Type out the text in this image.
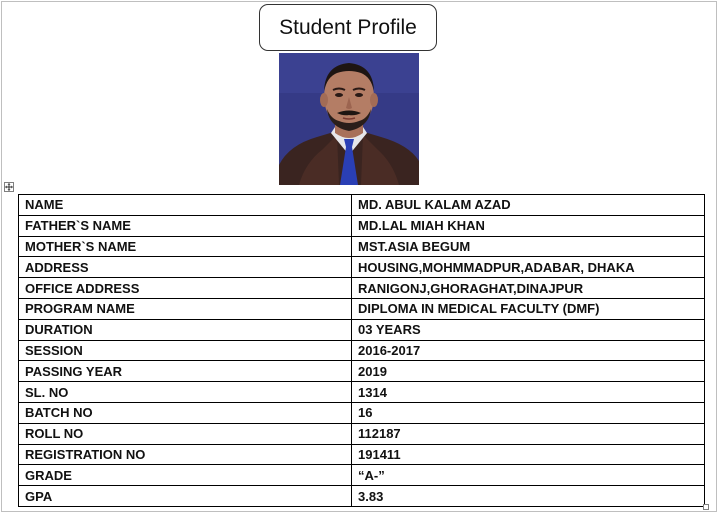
Student Profile
NAME	MD. ABUL KALAM AZAD
FATHER`S NAME	MD.LAL MIAH KHAN
MOTHER`S NAME	MST.ASIA BEGUM
ADDRESS	HOUSING,MOHMMADPUR,ADABAR, DHAKA
OFFICE ADDRESS	RANIGONJ,GHORAGHAT,DINAJPUR
PROGRAM NAME	DIPLOMA IN MEDICAL FACULTY (DMF)
DURATION	03 YEARS
SESSION	2016-2017
PASSING YEAR	2019
SL. NO	1314
BATCH NO	16
ROLL NO	112187
REGISTRATION NO	191411
GRADE	“A-”
GPA	3.83
